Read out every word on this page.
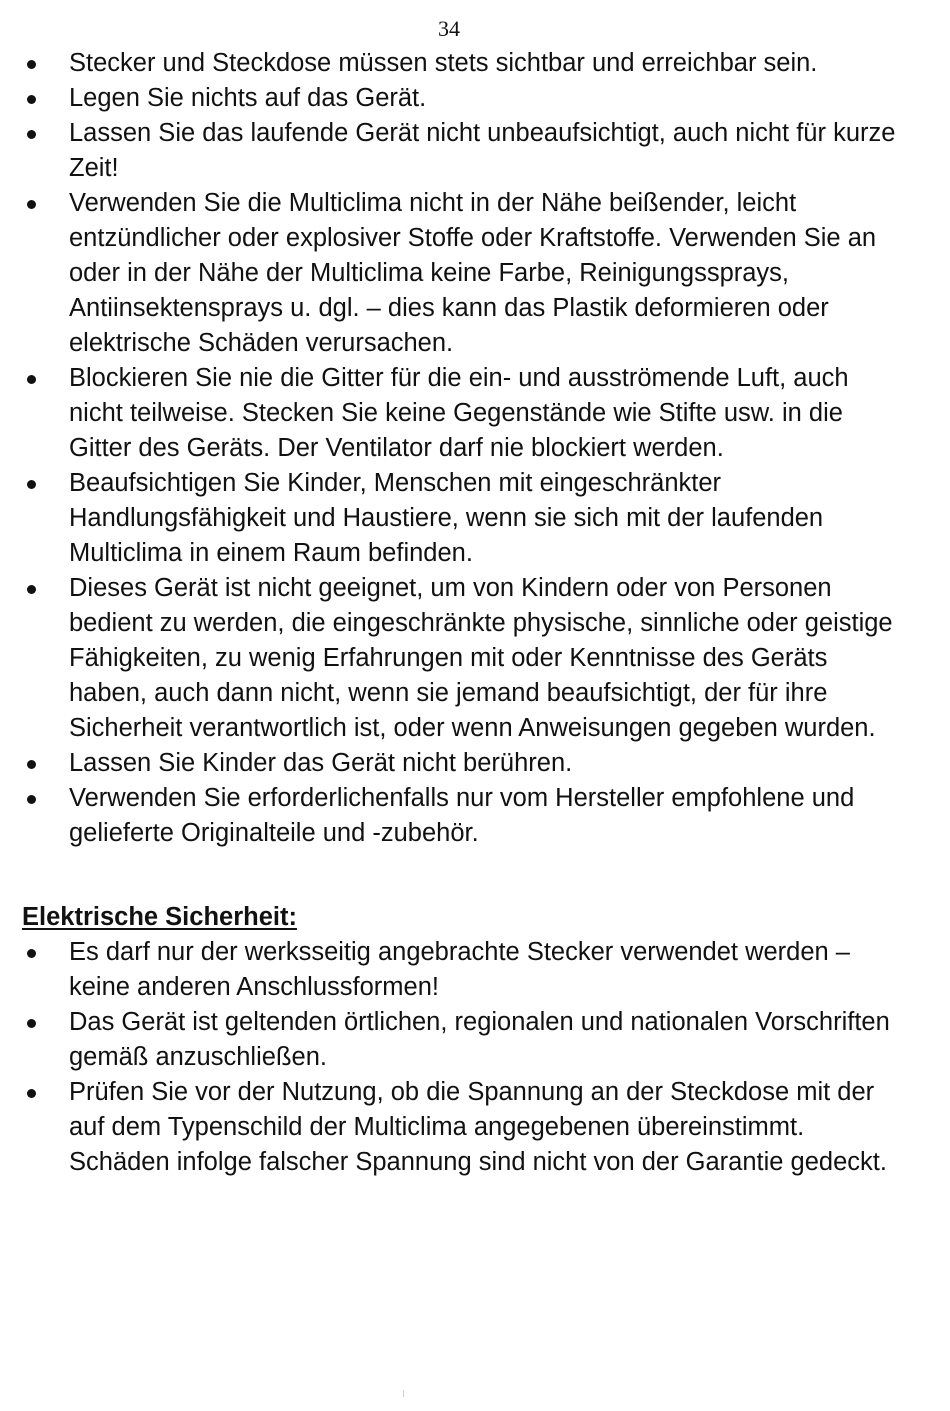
34
Stecker und Steckdose müssen stets sichtbar und erreichbar sein.
Legen Sie nichts auf das Gerät.
Lassen Sie das laufende Gerät nicht unbeaufsichtigt, auch nicht für kurze Zeit!
Verwenden Sie die Multiclima nicht in der Nähe beißender, leicht entzündlicher oder explosiver Stoffe oder Kraftstoffe. Verwenden Sie an oder in der Nähe der Multiclima keine Farbe, Reinigungssprays, Antiinsektensprays u. dgl. – dies kann das Plastik deformieren oder elektrische Schäden verursachen.
Blockieren Sie nie die Gitter für die ein- und ausströmende Luft, auch nicht teilweise. Stecken Sie keine Gegenstände wie Stifte usw. in die Gitter des Geräts. Der Ventilator darf nie blockiert werden.
Beaufsichtigen Sie Kinder, Menschen mit eingeschränkter Handlungsfähigkeit und Haustiere, wenn sie sich mit der laufenden Multiclima in einem Raum befinden.
Dieses Gerät ist nicht geeignet, um von Kindern oder von Personen bedient zu werden, die eingeschränkte physische, sinnliche oder geistige Fähigkeiten, zu wenig Erfahrungen mit oder Kenntnisse des Geräts haben, auch dann nicht, wenn sie jemand beaufsichtigt, der für ihre Sicherheit verantwortlich ist, oder wenn Anweisungen gegeben wurden.
Lassen Sie Kinder das Gerät nicht berühren.
Verwenden Sie erforderlichenfalls nur vom Hersteller empfohlene und gelieferte Originalteile und -zubehör.
Elektrische Sicherheit:
Es darf nur der werksseitig angebrachte Stecker verwendet werden – keine anderen Anschlussformen!
Das Gerät ist geltenden örtlichen, regionalen und nationalen Vorschriften gemäß anzuschließen.
Prüfen Sie vor der Nutzung, ob die Spannung an der Steckdose mit der auf dem Typenschild der Multiclima angegebenen übereinstimmt. Schäden infolge falscher Spannung sind nicht von der Garantie gedeckt.
